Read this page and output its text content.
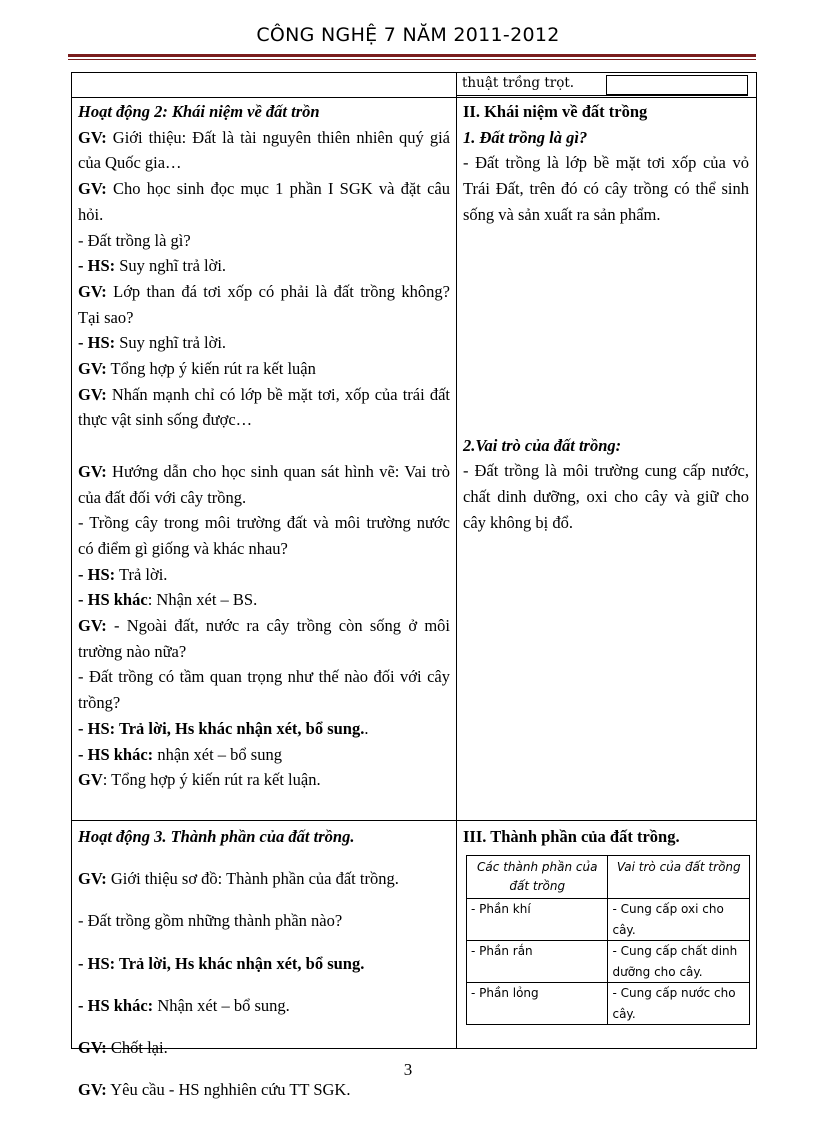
CÔNG NGHỆ 7 NĂM 2011-2012
thuật trồng trọt.

Hoạt động 2: Khái niệm về đất trồn

GV: Giới thiệu: Đất là tài nguyên thiên nhiên quý giá của Quốc gia…

GV: Cho học sinh đọc mục 1 phần I SGK và đặt câu hỏi.

- Đất trồng là gì?

- HS: Suy nghĩ trả lời.

GV: Lớp than đá tơi xốp có phải là đất trồng không? Tại sao?

- HS: Suy nghĩ trả lời.

GV: Tổng hợp ý kiến rút ra kết luận

GV: Nhấn mạnh chỉ có lớp bề mặt tơi, xốp của trái đất thực vật sinh sống được…

GV: Hướng dẫn cho học sinh quan sát hình vẽ: Vai trò của đất đối với cây trồng.

- Trồng cây trong môi trường đất và môi trường nước có điểm gì giống và khác nhau?

- HS: Trả lời.

- HS khác: Nhận xét – BS.

GV: - Ngoài đất, nước ra cây trồng còn sống ở môi trường nào nữa?

- Đất trồng có tầm quan trọng như thế nào đối với cây trồng?

- HS: Trả lời, Hs khác nhận xét, bổ sung..

- HS khác: nhận xét – bổ sung

GV: Tổng hợp ý kiến rút ra kết luận.

II. Khái niệm về đất trồng

1. Đất trồng là gì?

- Đất trồng là lớp bề mặt tơi xốp của vỏ Trái Đất, trên đó có cây trồng có thể sinh sống và sản xuất ra sản phẩm.

2.Vai trò của đất trồng:

- Đất trồng là môi trường cung cấp nước, chất dinh dưỡng, oxi cho cây và giữ cho cây không bị đổ.

Hoạt động 3. Thành phần của đất trồng.

GV: Giới thiệu sơ đồ: Thành phần của đất trồng.

- Đất trồng gồm những thành phần nào?

- HS: Trả lời, Hs khác nhận xét, bổ sung.

- HS khác: Nhận xét – bổ sung.

GV: Chốt lại.

GV: Yêu cầu - HS nghhiên cứu TT SGK.

III. Thành phần của đất trồng.
Các thành phần của đất trồng	Vai trò của đất trồng
- Phần khí	- Cung cấp oxi cho cây.
- Phần rắn	- Cung cấp chất dinh dưỡng cho cây.
- Phần lỏng	- Cung cấp nước cho cây.
3
